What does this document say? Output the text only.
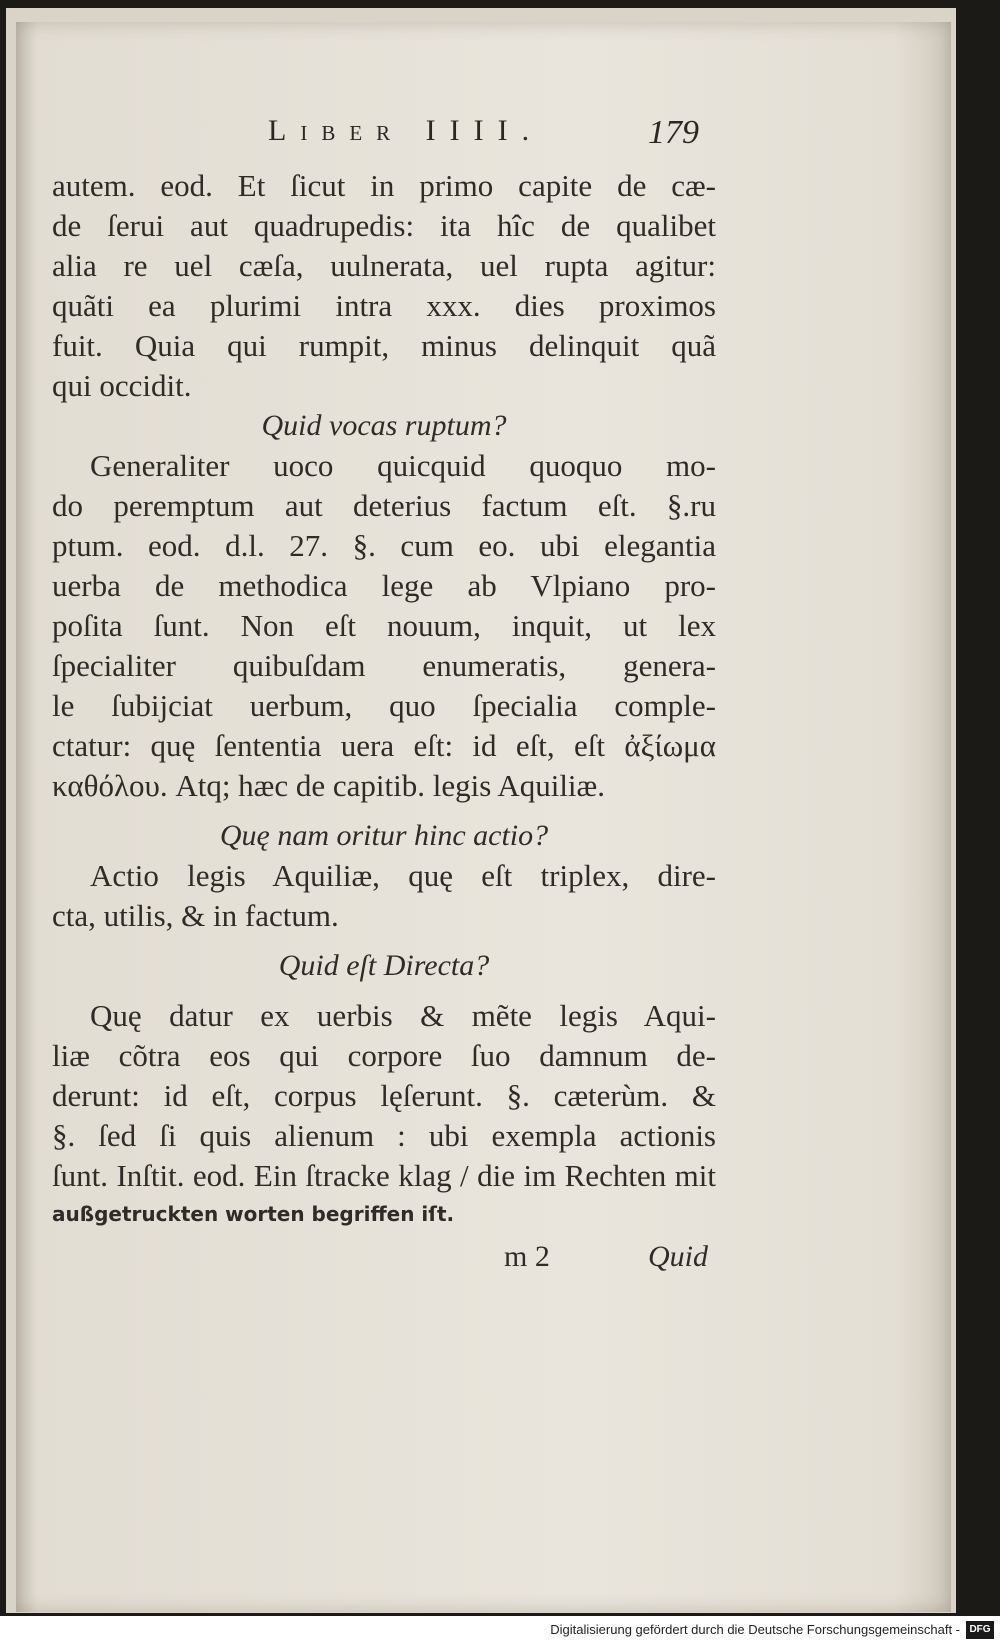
Liber IIII.	179
autem. eod. Et ſicut in primo capite de cæ-
de ſerui aut quadrupedis: ita hîc de qualibet
alia re uel cæſa, uulnerata, uel rupta agitur:
quãti ea plurimi intra xxx. dies proximos
fuit. Quia qui rumpit, minus delinquit quã
qui occidit.
Quid vocas ruptum?
Generaliter uoco quicquid quoquo mo-
do peremptum aut deterius factum eſt. §.ru
ptum. eod. d.l. 27. §. cum eo. ubi elegantia
uerba de methodica lege ab Vlpiano pro-
poſita ſunt. Non eſt nouum, inquit, ut lex
ſpecialiter quibuſdam enumeratis, genera-
le ſubijciat uerbum, quo ſpecialia comple-
ctatur: quę ſententia uera eſt: id eſt, eſt ἀξίωμα
καθόλου. Atq; hæc de capitib. legis Aquiliæ.
Quę nam oritur hinc actio?
Actio legis Aquiliæ, quę eſt triplex, dire-
cta, utilis, & in factum.
Quid eſt Directa?
Quę datur ex uerbis & mẽte legis Aqui-
liæ cõtra eos qui corpore ſuo damnum de-
derunt: id eſt, corpus lęſerunt. §. cæterùm. &
§. ſed ſi quis alienum : ubi exempla actionis
ſunt. Inſtit. eod. Ein ſtracke klag / die im Rechten mit
außgetruckten worten begriffen iſt.
m 2	Quid
Digitalisierung gefördert durch die Deutsche Forschungsgemeinschaft - DFG
